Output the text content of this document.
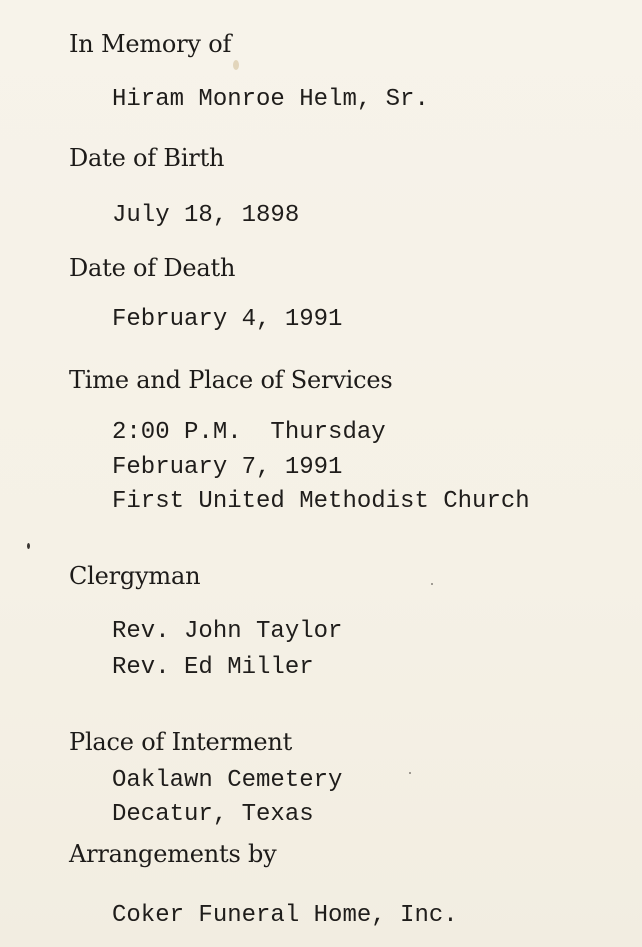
In Memory of
Hiram Monroe Helm, Sr.
Date of Birth
July 18, 1898
Date of Death
February 4, 1991
Time and Place of Services
2:00 P.M.  Thursday
February 7, 1991
First United Methodist Church
Clergyman
Rev. John Taylor
Rev. Ed Miller
Place of Interment
Oaklawn Cemetery
Decatur, Texas
Arrangements by
Coker Funeral Home, Inc.
